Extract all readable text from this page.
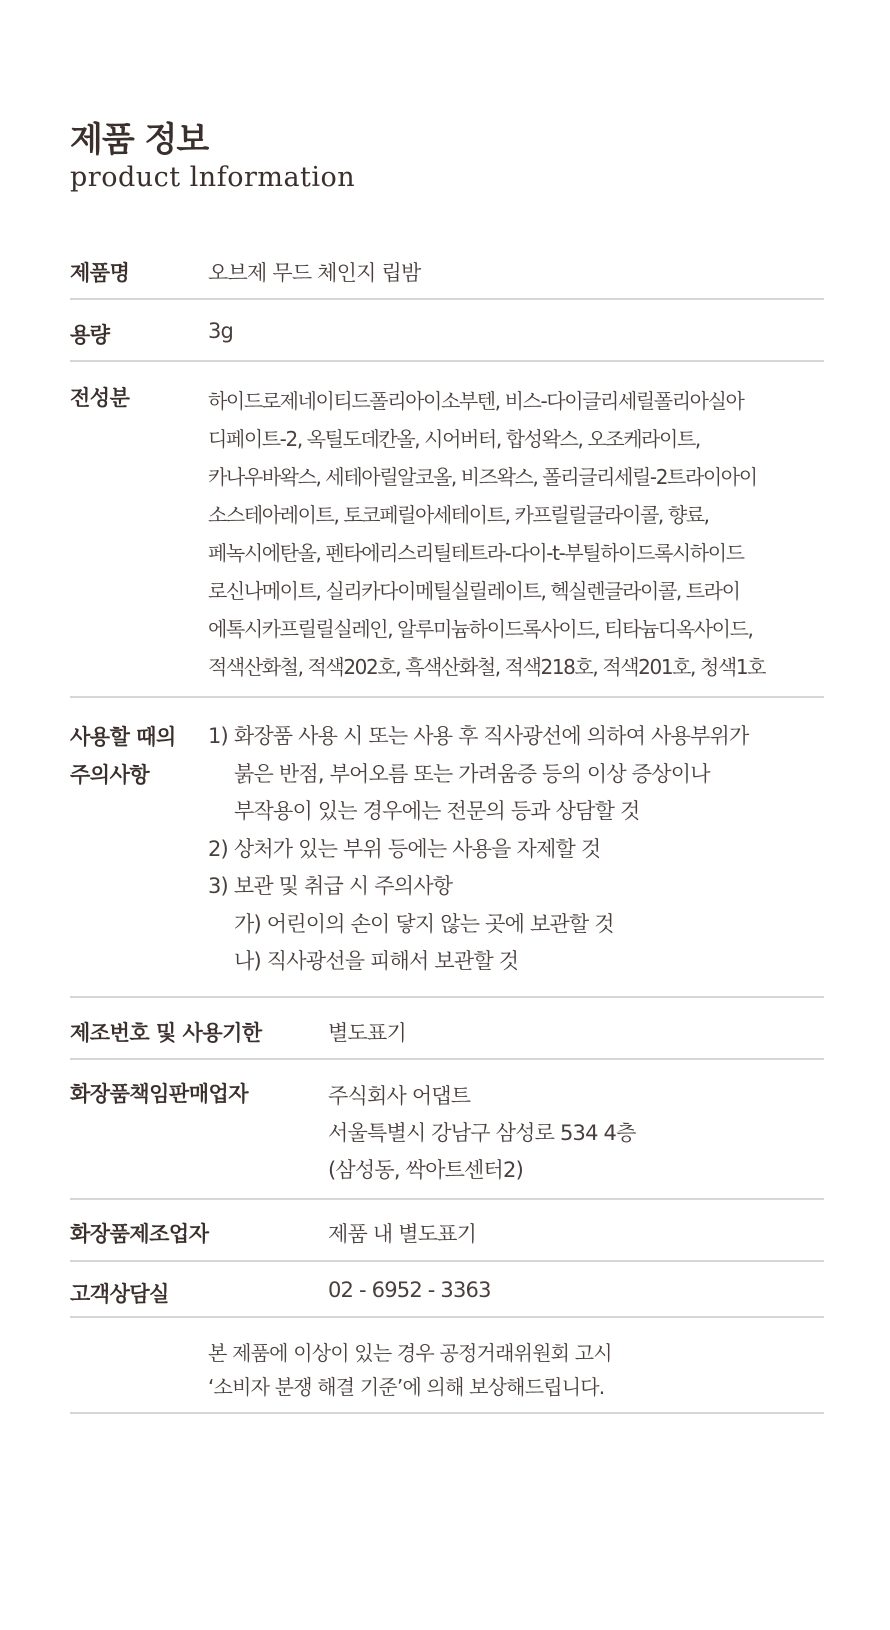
제품 정보
product lnformation
제품명	오브제 무드 체인지 립밤
용량	3g
전성분	하이드로제네이티드폴리아이소부텐, 비스-다이글리세릴폴리아실아
디페이트-2, 옥틸도데칸올, 시어버터, 합성왁스, 오조케라이트,
카나우바왁스, 세테아릴알코올, 비즈왁스, 폴리글리세릴-2트라이아이
소스테아레이트, 토코페릴아세테이트, 카프릴릴글라이콜, 향료,
페녹시에탄올, 펜타에리스리틸테트라-다이-t-부틸하이드록시하이드
로신나메이트, 실리카다이메틸실릴레이트, 헥실렌글라이콜, 트라이
에톡시카프릴릴실레인, 알루미늄하이드록사이드, 티타늄디옥사이드,
적색산화철, 적색202호, 흑색산화철, 적색218호, 적색201호, 청색1호
사용할 때의
주의사항
1) 화장품 사용 시 또는 사용 후 직사광선에 의하여 사용부위가
붉은 반점, 부어오름 또는 가려움증 등의 이상 증상이나
부작용이 있는 경우에는 전문의 등과 상담할 것
2) 상처가 있는 부위 등에는 사용을 자제할 것
3) 보관 및 취급 시 주의사항
가) 어린이의 손이 닿지 않는 곳에 보관할 것
나) 직사광선을 피해서 보관할 것
제조번호 및 사용기한	별도표기
화장품책임판매업자	주식회사 어댑트
서울특별시 강남구 삼성로 534 4층
(삼성동, 싹아트센터2)
화장품제조업자	제품 내 별도표기
고객상담실	02 - 6952 - 3363
본 제품에 이상이 있는 경우 공정거래위원회 고시
‘소비자 분쟁 해결 기준’에 의해 보상해드립니다.
